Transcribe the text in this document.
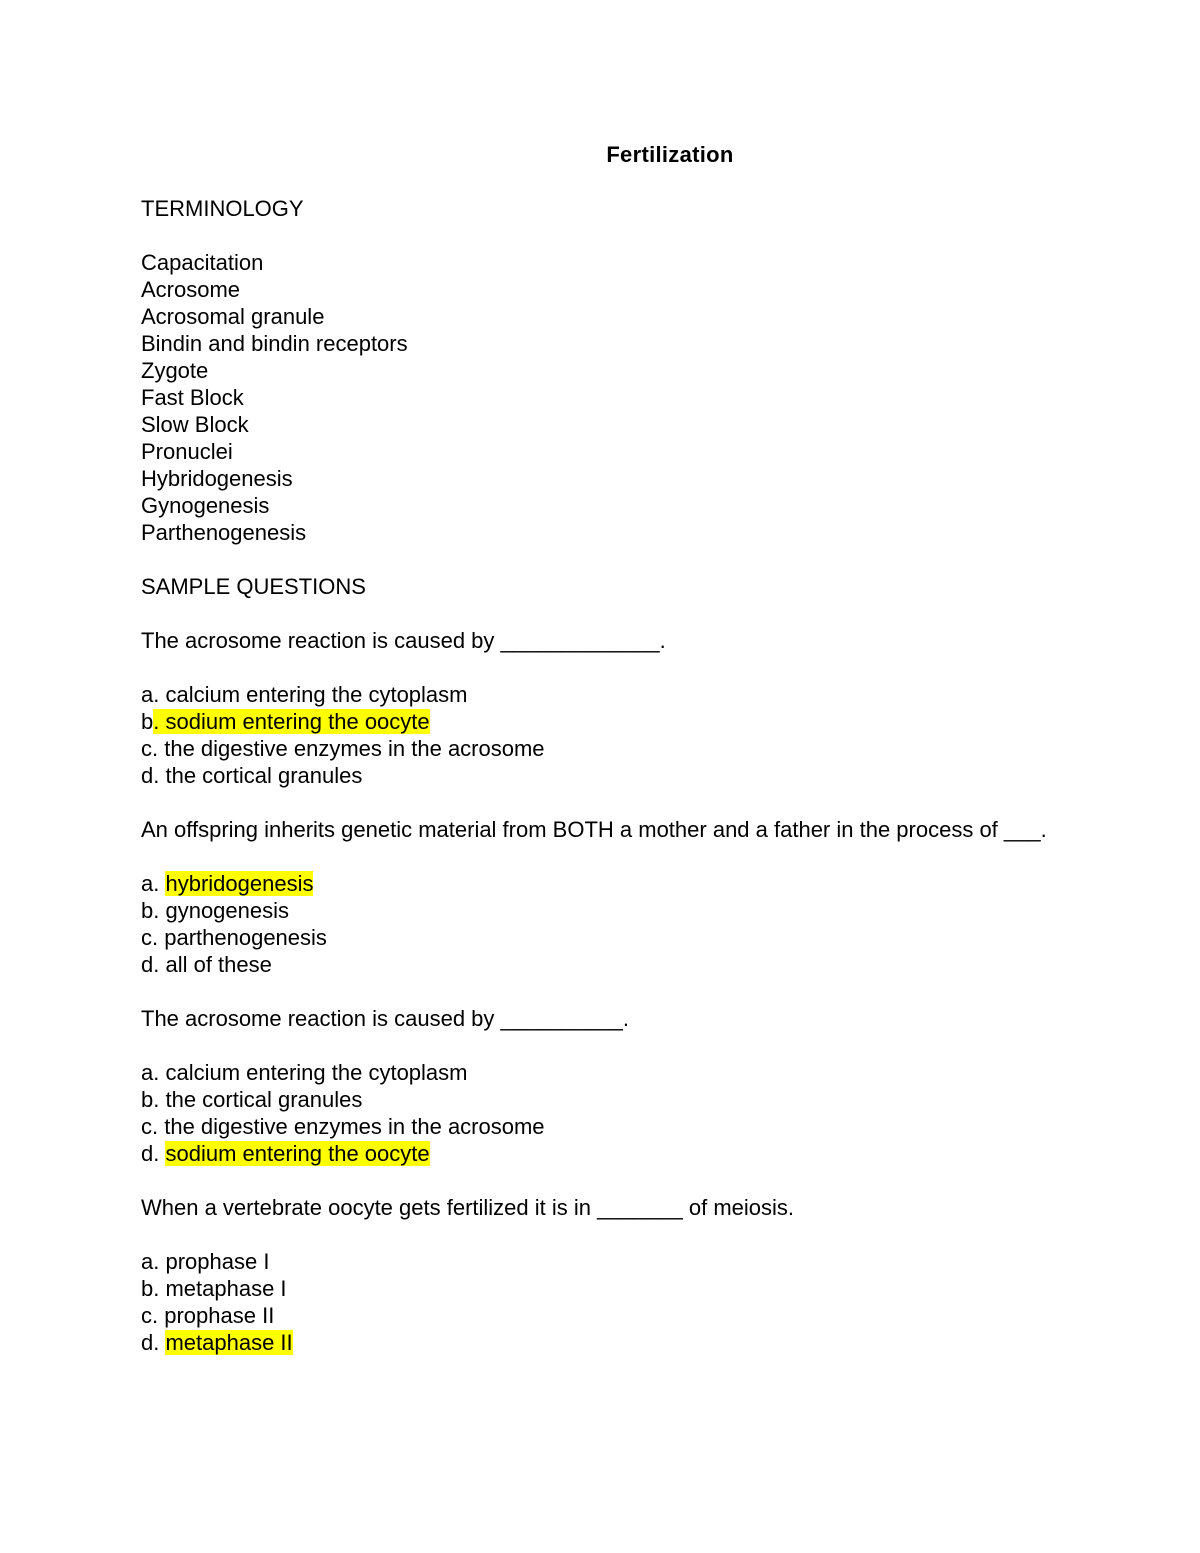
Fertilization
TERMINOLOGY
Capacitation
Acrosome
Acrosomal granule
Bindin and bindin receptors
Zygote
Fast Block
Slow Block
Pronuclei
Hybridogenesis
Gynogenesis
Parthenogenesis
SAMPLE QUESTIONS
The acrosome reaction is caused by _____________.
a. calcium entering the cytoplasm
b. sodium entering the oocyte
c. the digestive enzymes in the acrosome
d. the cortical granules
An offspring inherits genetic material from BOTH a mother and a father in the process of ___.
a. hybridogenesis
b. gynogenesis
c. parthenogenesis
d. all of these
The acrosome reaction is caused by __________.
a. calcium entering the cytoplasm
b. the cortical granules
c. the digestive enzymes in the acrosome
d. sodium entering the oocyte
When a vertebrate oocyte gets fertilized it is in _______ of meiosis.
a. prophase I
b. metaphase I
c. prophase II
d. metaphase II
